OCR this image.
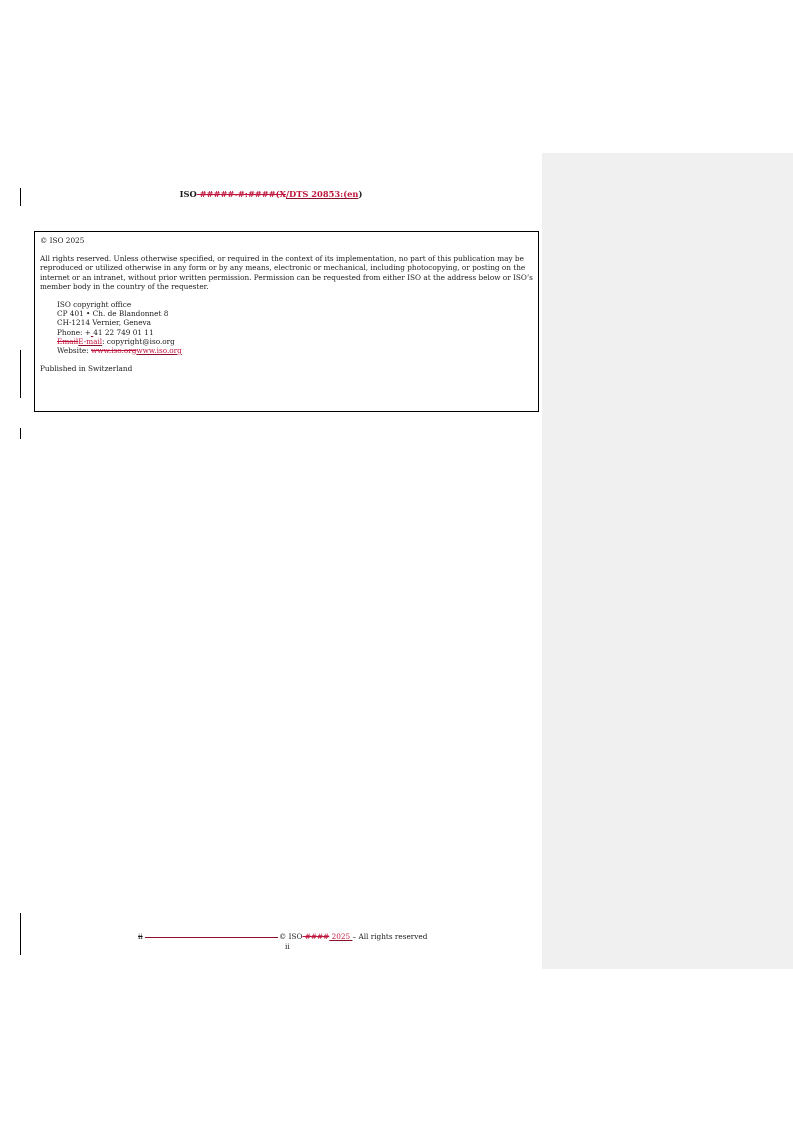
ISO #####-#:####(X/DTS 20853:(en)

© ISO 2025

All rights reserved. Unless otherwise specified, or required in the context of its implementation, no part of this publication may be reproduced or utilized otherwise in any form or by any means, electronic or mechanical, including photocopying, or posting on the internet or an intranet, without prior written permission. Permission can be requested from either ISO at the address below or ISO’s member body in the country of the requester.

ISO copyright office
CP 401 • Ch. de Blandonnet 8
CH-1214 Vernier, Geneva
Phone: + 41 22 749 01 11
EmailE-mail: copyright@iso.org
Website: www.iso.orgwww.iso.org

Published in Switzerland

ii	© ISO #### 2025 – All rights reserved
ii
